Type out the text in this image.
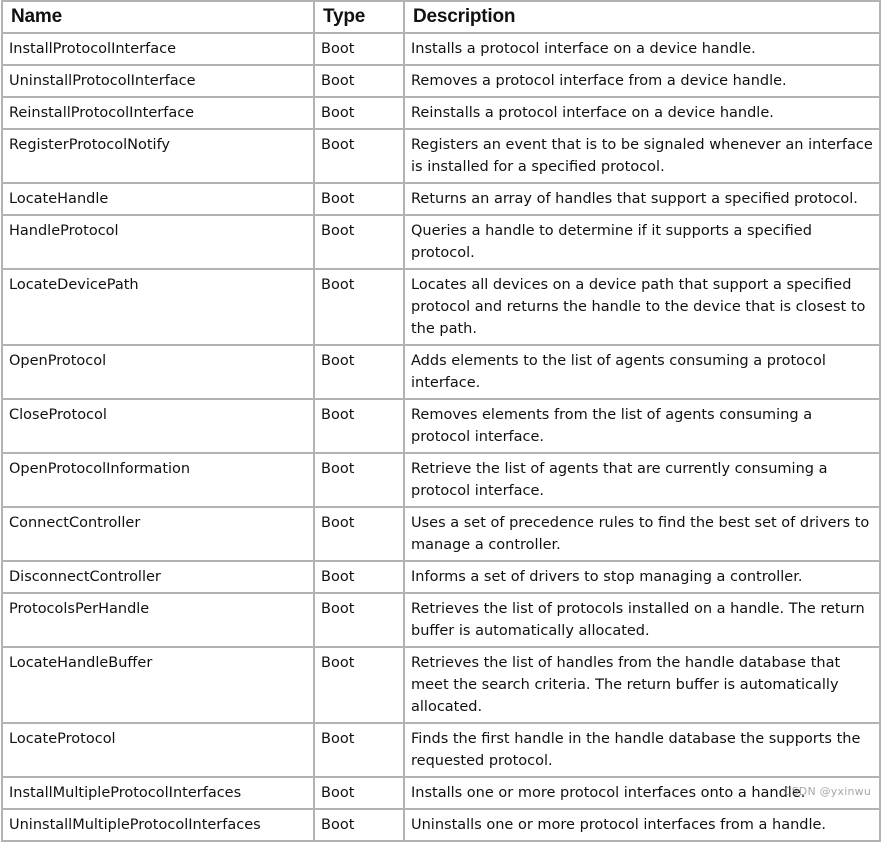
Name	Type	Description
InstallProtocolInterface	Boot	Installs a protocol interface on a device handle.
UninstallProtocolInterface	Boot	Removes a protocol interface from a device handle.
ReinstallProtocolInterface	Boot	Reinstalls a protocol interface on a device handle.
RegisterProtocolNotify	Boot	Registers an event that is to be signaled whenever an interface is installed for a specified protocol.
LocateHandle	Boot	Returns an array of handles that support a specified protocol.
HandleProtocol	Boot	Queries a handle to determine if it supports a specified protocol.
LocateDevicePath	Boot	Locates all devices on a device path that support a specified protocol and returns the handle to the device that is closest to the path.
OpenProtocol	Boot	Adds elements to the list of agents consuming a protocol interface.
CloseProtocol	Boot	Removes elements from the list of agents consuming a protocol interface.
OpenProtocolInformation	Boot	Retrieve the list of agents that are currently consuming a protocol interface.
ConnectController	Boot	Uses a set of precedence rules to find the best set of drivers to manage a controller.
DisconnectController	Boot	Informs a set of drivers to stop managing a controller.
ProtocolsPerHandle	Boot	Retrieves the list of protocols installed on a handle. The return buffer is automatically allocated.
LocateHandleBuffer	Boot	Retrieves the list of handles from the handle database that meet the search criteria. The return buffer is automatically allocated.
LocateProtocol	Boot	Finds the first handle in the handle database the supports the requested protocol.
InstallMultipleProtocolInterfaces	Boot	Installs one or more protocol interfaces onto a handle.
UninstallMultipleProtocolInterfaces	Boot	Uninstalls one or more protocol interfaces from a handle.
CSDN @yxinwu
